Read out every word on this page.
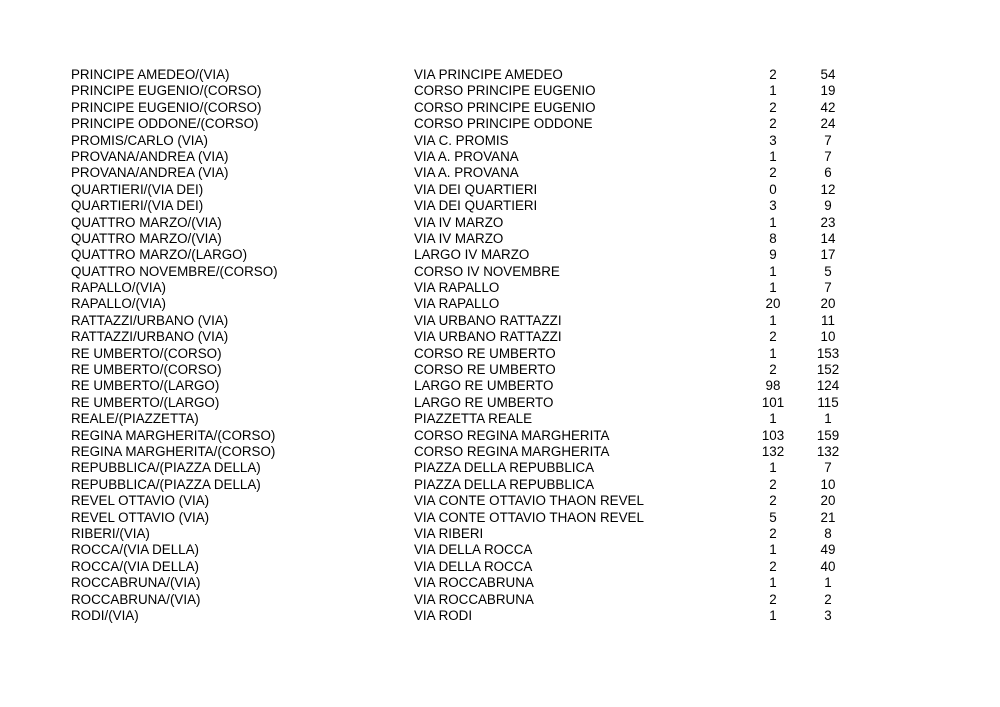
PRINCIPE AMEDEO/(VIA)	VIA PRINCIPE AMEDEO	2	54
PRINCIPE EUGENIO/(CORSO)	CORSO PRINCIPE EUGENIO	1	19
PRINCIPE EUGENIO/(CORSO)	CORSO PRINCIPE EUGENIO	2	42
PRINCIPE ODDONE/(CORSO)	CORSO PRINCIPE ODDONE	2	24
PROMIS/CARLO (VIA)	VIA C. PROMIS	3	7
PROVANA/ANDREA (VIA)	VIA A. PROVANA	1	7
PROVANA/ANDREA (VIA)	VIA A. PROVANA	2	6
QUARTIERI/(VIA DEI)	VIA DEI QUARTIERI	0	12
QUARTIERI/(VIA DEI)	VIA DEI QUARTIERI	3	9
QUATTRO MARZO/(VIA)	VIA IV MARZO	1	23
QUATTRO MARZO/(VIA)	VIA IV MARZO	8	14
QUATTRO MARZO/(LARGO)	LARGO IV MARZO	9	17
QUATTRO NOVEMBRE/(CORSO)	CORSO IV NOVEMBRE	1	5
RAPALLO/(VIA)	VIA RAPALLO	1	7
RAPALLO/(VIA)	VIA RAPALLO	20	20
RATTAZZI/URBANO (VIA)	VIA URBANO RATTAZZI	1	11
RATTAZZI/URBANO (VIA)	VIA URBANO RATTAZZI	2	10
RE UMBERTO/(CORSO)	CORSO RE UMBERTO	1	153
RE UMBERTO/(CORSO)	CORSO RE UMBERTO	2	152
RE UMBERTO/(LARGO)	LARGO RE UMBERTO	98	124
RE UMBERTO/(LARGO)	LARGO RE UMBERTO	101	115
REALE/(PIAZZETTA)	PIAZZETTA REALE	1	1
REGINA MARGHERITA/(CORSO)	CORSO REGINA MARGHERITA	103	159
REGINA MARGHERITA/(CORSO)	CORSO REGINA MARGHERITA	132	132
REPUBBLICA/(PIAZZA DELLA)	PIAZZA DELLA REPUBBLICA	1	7
REPUBBLICA/(PIAZZA DELLA)	PIAZZA DELLA REPUBBLICA	2	10
REVEL OTTAVIO (VIA)	VIA CONTE OTTAVIO THAON REVEL	2	20
REVEL OTTAVIO (VIA)	VIA CONTE OTTAVIO THAON REVEL	5	21
RIBERI/(VIA)	VIA RIBERI	2	8
ROCCA/(VIA DELLA)	VIA DELLA ROCCA	1	49
ROCCA/(VIA DELLA)	VIA DELLA ROCCA	2	40
ROCCABRUNA/(VIA)	VIA ROCCABRUNA	1	1
ROCCABRUNA/(VIA)	VIA ROCCABRUNA	2	2
RODI/(VIA)	VIA RODI	1	3
